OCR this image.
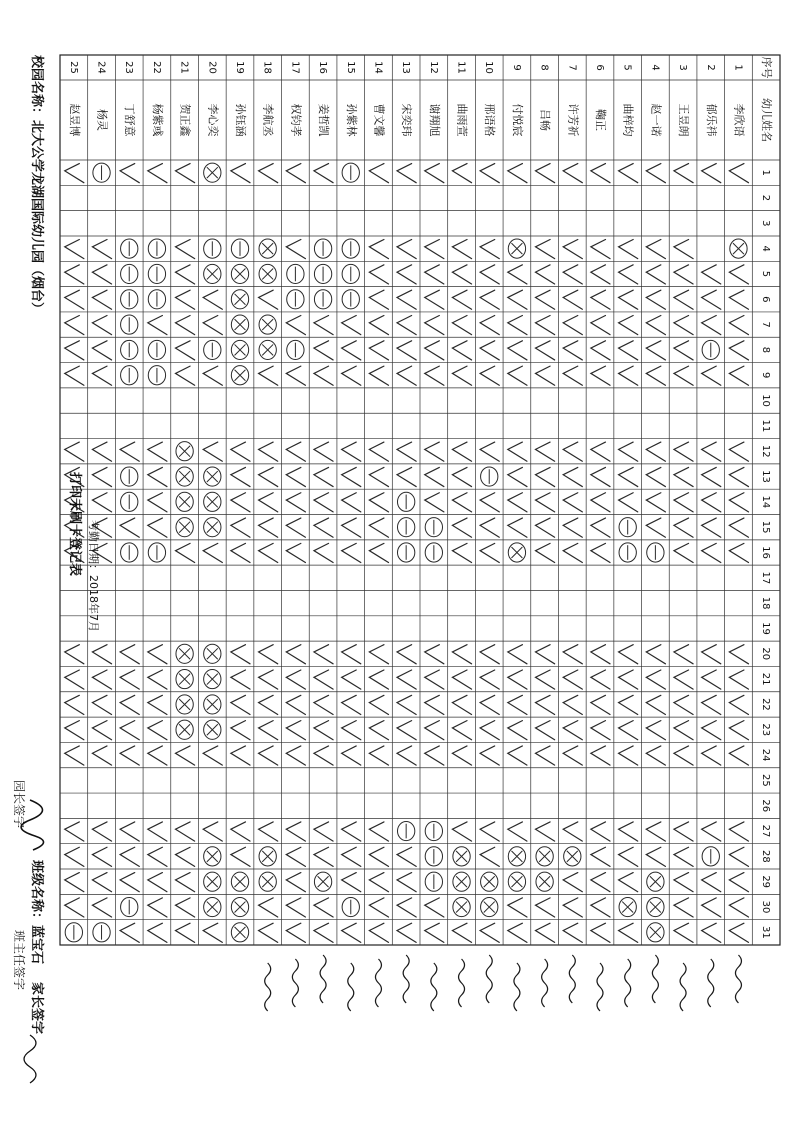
校园名称：北大公学龙湖国际幼儿园（烟台）
打印未刷卡登记表 考勤日期：2018年7月
班级名称：蓝宝石
家长签字
园长签字
班主任签字
序号
幼儿姓名
1
2
3
4
5
6
7
8
9
10
11
12
13
14
15
16
17
18
19
20
21
22
23
24
25
26
27
28
29
30
31
1
李欣语
2
郁乐祎
3
王昱朗
4
赵一诺
5
曲梓均
6
鞠正
7
许芳祈
8
吕畅
9
付悦宸
10
邢语格
11
曲雨萱
12
谢翔旭
13
宋奕玮
14
曹文馨
15
孙紫林
16
姜哲凯
17
权钧孝
18
李航丞
19
孙钰涵
20
李心奕
21
贺正鑫
22
杨紫彧
23
丁舒意
24
杨灵
25
赵昱博
